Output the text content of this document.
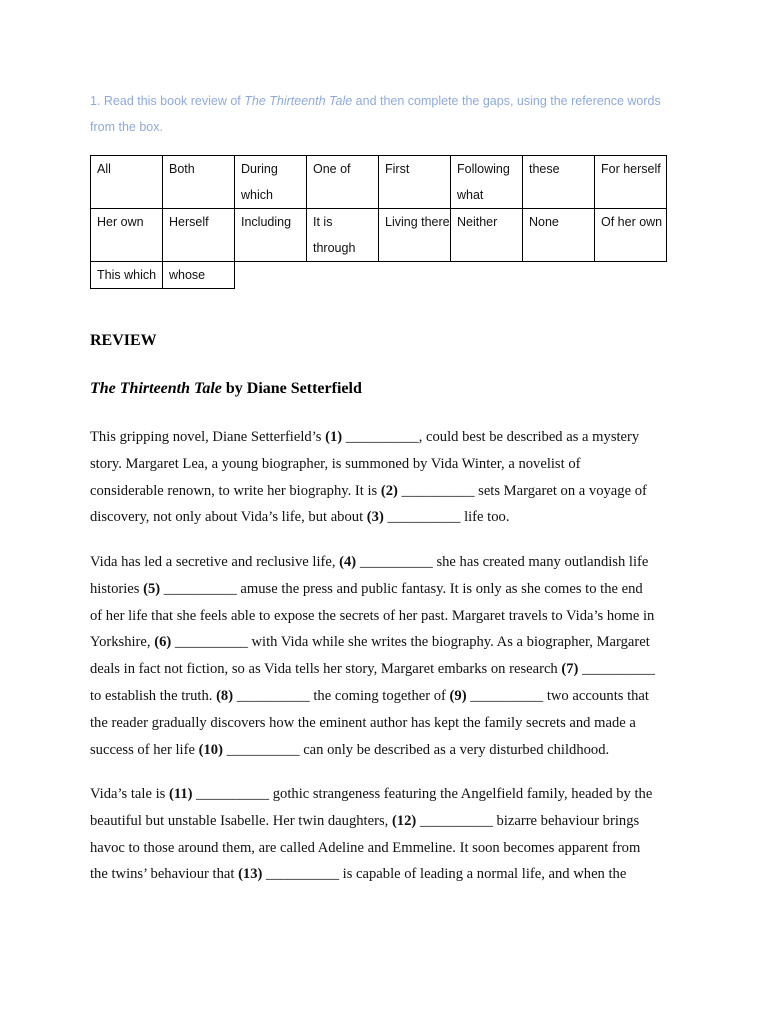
1. Read this book review of The Thirteenth Tale and then complete the gaps, using the reference words
from the box.
All	Both	During which	One of	First	Following what	these	For herself
Her own	Herself	Including	It is through	Living there	Neither	None	Of her own
This which	whose						
REVIEW
The Thirteenth Tale by Diane Setterfield
This gripping novel, Diane Setterfield’s (1) __________, could best be described as a mystery
story. Margaret Lea, a young biographer, is summoned by Vida Winter, a novelist of
considerable renown, to write her biography. It is (2) __________ sets Margaret on a voyage of
discovery, not only about Vida’s life, but about (3) __________ life too.
Vida has led a secretive and reclusive life, (4) __________ she has created many outlandish life
histories (5) __________ amuse the press and public fantasy. It is only as she comes to the end
of her life that she feels able to expose the secrets of her past. Margaret travels to Vida’s home in
Yorkshire, (6) __________ with Vida while she writes the biography. As a biographer, Margaret
deals in fact not fiction, so as Vida tells her story, Margaret embarks on research (7) __________
to establish the truth. (8) __________ the coming together of (9) __________ two accounts that
the reader gradually discovers how the eminent author has kept the family secrets and made a
success of her life (10) __________ can only be described as a very disturbed childhood.
Vida’s tale is (11) __________ gothic strangeness featuring the Angelfield family, headed by the
beautiful but unstable Isabelle. Her twin daughters, (12) __________ bizarre behaviour brings
havoc to those around them, are called Adeline and Emmeline. It soon becomes apparent from
the twins’ behaviour that (13) __________ is capable of leading a normal life, and when the
